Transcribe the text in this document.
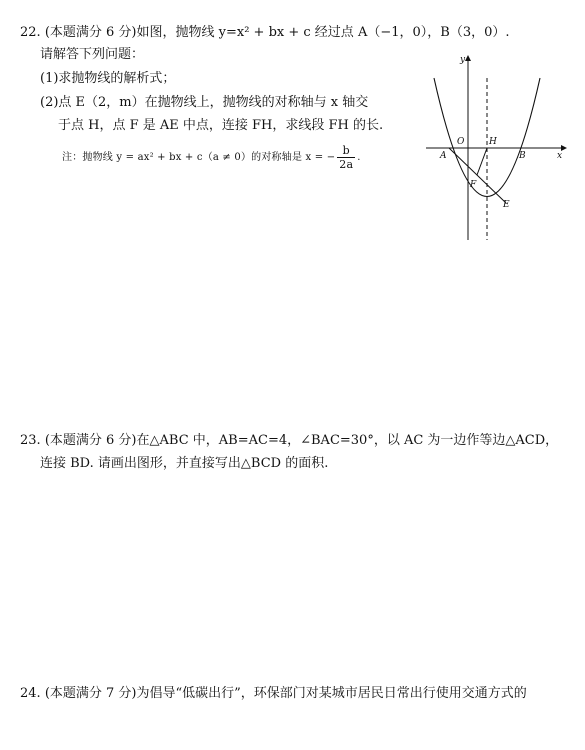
22. (本题满分 6 分)如图，抛物线 y=x² + bx + c 经过点 A（−1，0），B（3，0）.
请解答下列问题：
(1)求抛物线的解析式；
(2)点 E（2，m）在抛物线上，抛物线的对称轴与 x 轴交
于点 H，点 F 是 AE 中点，连接 FH，求线段 FH 的长.
注：抛物线 y = ax² + bx + c（a ≠ 0）的对称轴是 x = − $\frac{b}{2a}$ .
y
x
O	H
A	B
F
E
23. (本题满分 6 分)在△ABC 中，AB=AC=4，∠BAC=30°，以 AC 为一边作等边△ACD，
连接 BD. 请画出图形，并直接写出△BCD 的面积.
24. (本题满分 7 分)为倡导“低碳出行”，环保部门对某城市居民日常出行使用交通方式的
